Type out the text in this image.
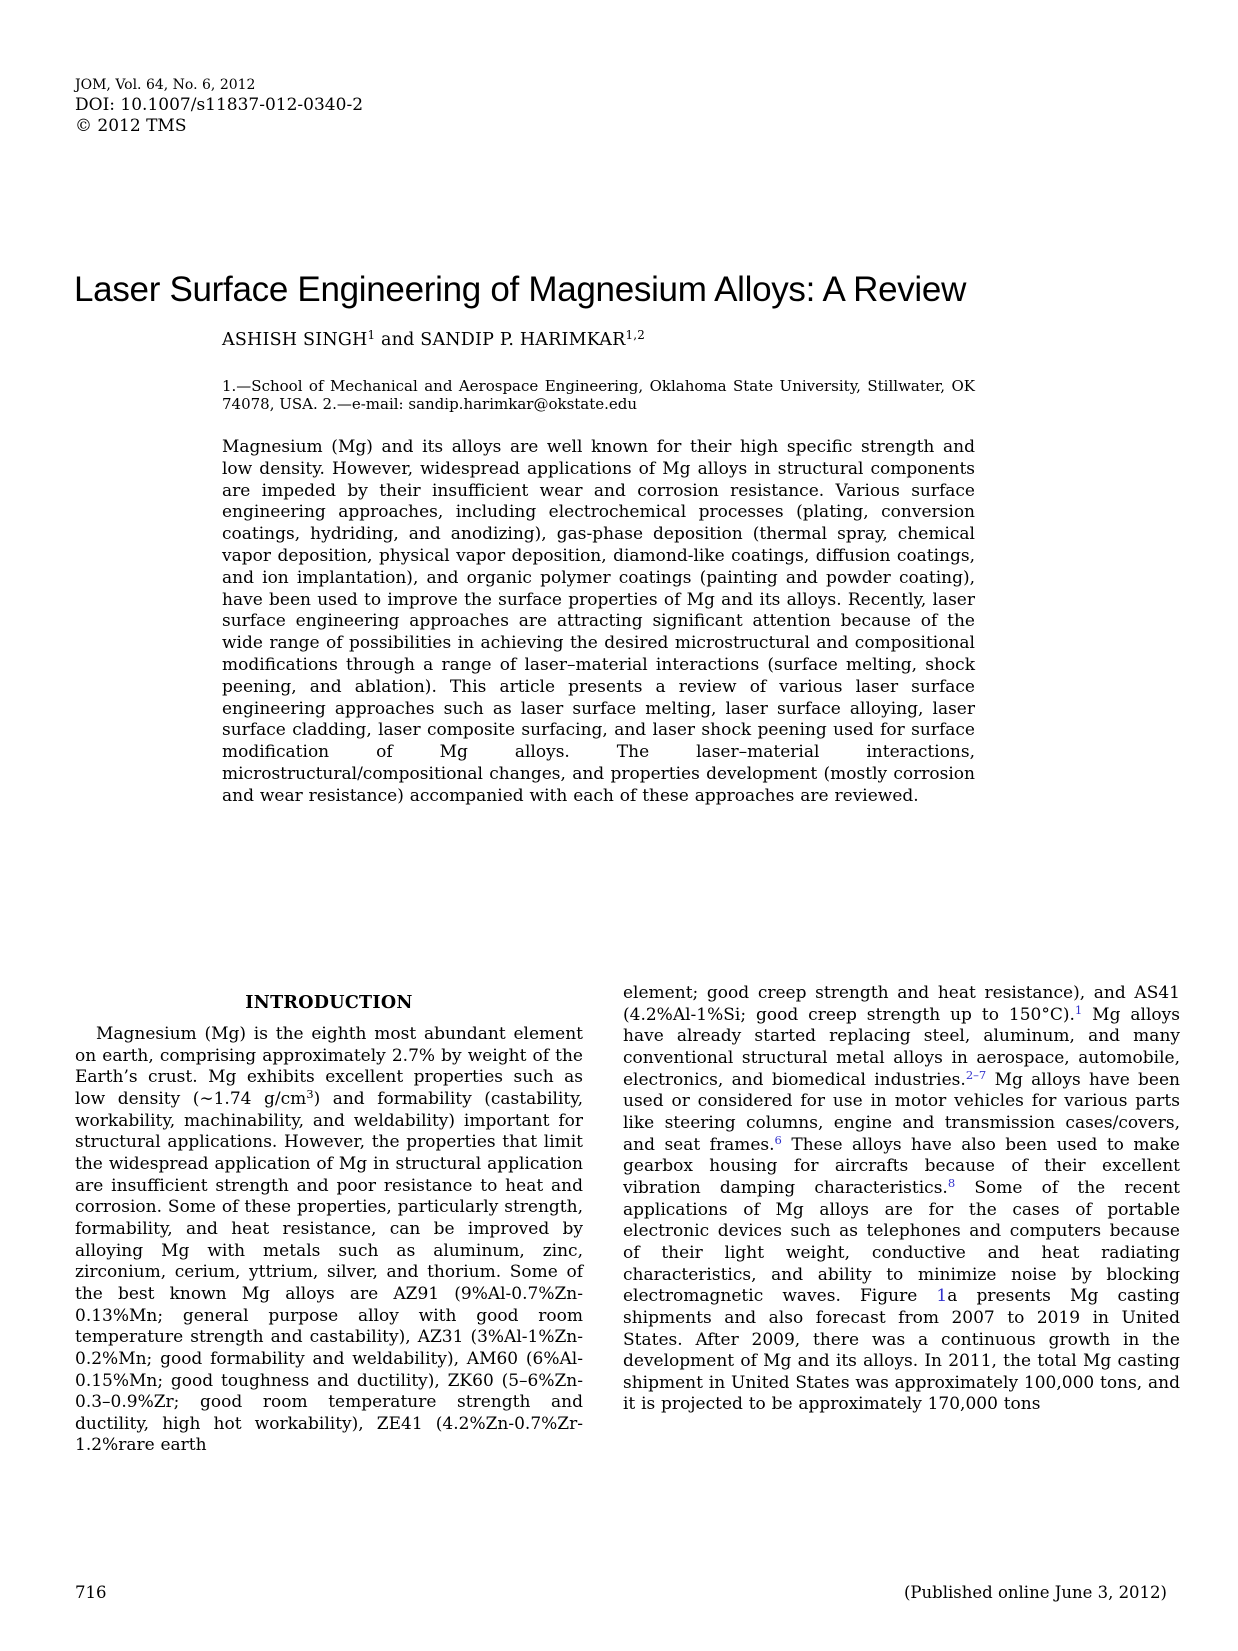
JOM, Vol. 64, No. 6, 2012
DOI: 10.1007/s11837-012-0340-2
© 2012 TMS
Laser Surface Engineering of Magnesium Alloys: A Review
ASHISH SINGH$^1$ and SANDIP P. HARIMKAR$^{1,2}$
1.—School of Mechanical and Aerospace Engineering, Oklahoma State University, Stillwater, OK 74078, USA. 2.—e-mail: sandip.harimkar@okstate.edu
Magnesium (Mg) and its alloys are well known for their high specific strength and low density. However, widespread applications of Mg alloys in structural components are impeded by their insufficient wear and corrosion resistance. Various surface engineering approaches, including electrochemical processes (plating, conversion coatings, hydriding, and anodizing), gas-phase deposition (thermal spray, chemical vapor deposition, physical vapor deposition, diamond-like coatings, diffusion coatings, and ion implantation), and organic polymer coatings (painting and powder coating), have been used to improve the surface properties of Mg and its alloys. Recently, laser surface engineering approaches are attracting significant attention because of the wide range of possibilities in achieving the desired microstructural and compositional modifications through a range of laser–material interactions (surface melting, shock peening, and ablation). This article presents a review of various laser surface engineering approaches such as laser surface melting, laser surface alloying, laser surface cladding, laser composite surfacing, and laser shock peening used for surface modification of Mg alloys. The laser–material interactions, microstructural/compositional changes, and properties development (mostly corrosion and wear resistance) accompanied with each of these approaches are reviewed.
INTRODUCTION
Magnesium (Mg) is the eighth most abundant element on earth, comprising approximately 2.7% by weight of the Earth’s crust. Mg exhibits excellent properties such as low density (∼1.74 $g/cm^3$) and formability (castability, workability, machinability, and weldability) important for structural applications. However, the properties that limit the widespread application of Mg in structural application are insufficient strength and poor resistance to heat and corrosion. Some of these properties, particularly strength, formability, and heat resistance, can be improved by alloying Mg with metals such as aluminum, zinc, zirconium, cerium, yttrium, silver, and thorium. Some of the best known Mg alloys are AZ91 (9%Al-0.7%Zn-0.13%Mn; general purpose alloy with good room temperature strength and castability), AZ31 (3%Al-1%Zn-0.2%Mn; good formability and weldability), AM60 (6%Al-0.15%Mn; good toughness and ductility), ZK60 (5–6%Zn-0.3–0.9%Zr; good room temperature strength and ductility, high hot workability), ZE41 (4.2%Zn-0.7%Zr-1.2%rare earth
element; good creep strength and heat resistance), and AS41 (4.2%Al-1%Si; good creep strength up to 150°C).$^1$ Mg alloys have already started replacing steel, aluminum, and many conventional structural metal alloys in aerospace, automobile, electronics, and biomedical industries.$^{2-7}$ Mg alloys have been used or considered for use in motor vehicles for various parts like steering columns, engine and transmission cases/covers, and seat frames.$^6$ These alloys have also been used to make gearbox housing for aircrafts because of their excellent vibration damping characteristics.$^8$ Some of the recent applications of Mg alloys are for the cases of portable electronic devices such as telephones and computers because of their light weight, conductive and heat radiating characteristics, and ability to minimize noise by blocking electromagnetic waves. Figure 1a presents Mg casting shipments and also forecast from 2007 to 2019 in United States. After 2009, there was a continuous growth in the development of Mg and its alloys. In 2011, the total Mg casting shipment in United States was approximately 100,000 tons, and it is projected to be approximately 170,000 tons
716	(Published online June 3, 2012)
